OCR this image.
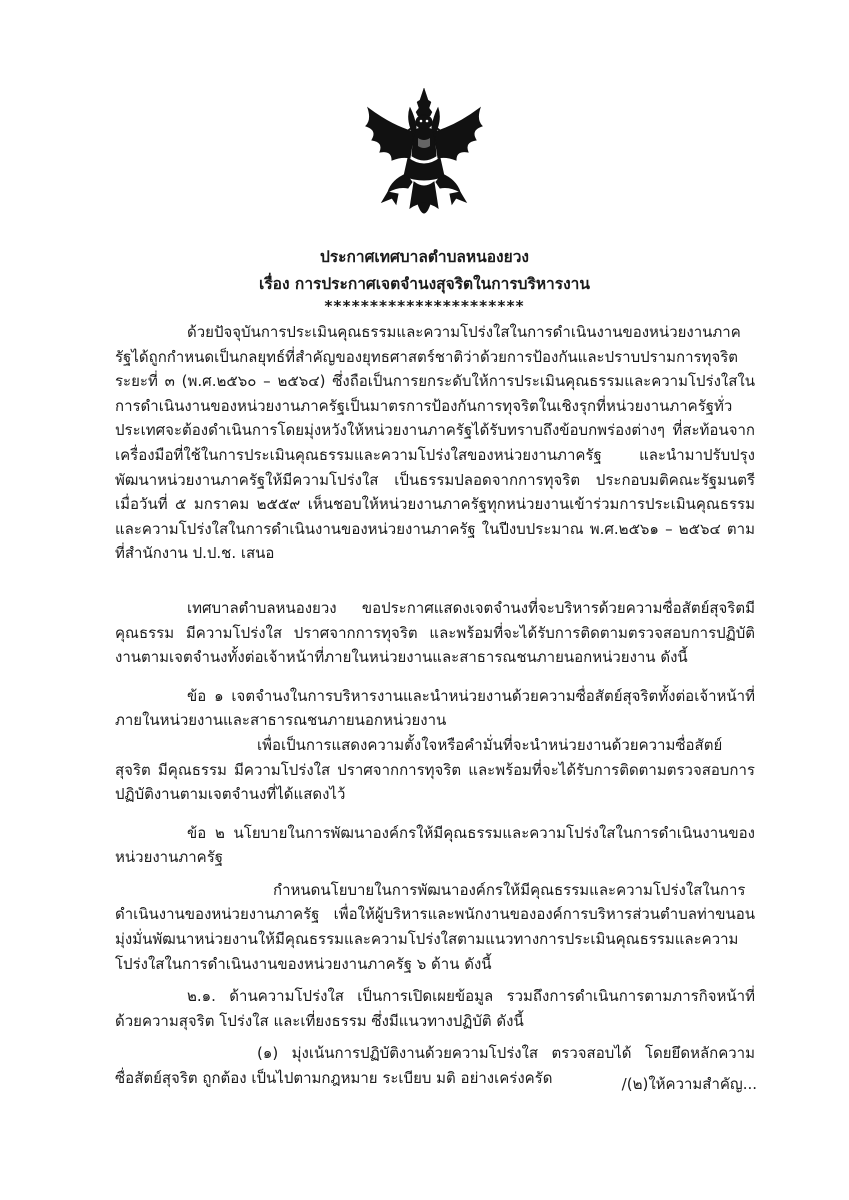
ประกาศเทศบาลตำบลหนองยวง
เรื่อง การประกาศเจตจำนงสุจริตในการบริหารงาน
**********************

ด้วยปัจจุบันการประเมินคุณธรรมและความโปร่งใสในการดำเนินงานของหน่วยงานภาครัฐได้ถูกกำหนดเป็นกลยุทธ์ที่สำคัญของยุทธศาสตร์ชาติว่าด้วยการป้องกันและปราบปรามการทุจริต ระยะที่ ๓ (พ.ศ.๒๕๖๐ – ๒๕๖๔) ซึ่งถือเป็นการยกระดับให้การประเมินคุณธรรมและความโปร่งใสในการดำเนินงานของหน่วยงานภาครัฐเป็นมาตรการป้องกันการทุจริตในเชิงรุกที่หน่วยงานภาครัฐทั่วประเทศจะต้องดำเนินการโดยมุ่งหวังให้หน่วยงานภาครัฐได้รับทราบถึงข้อบกพร่องต่างๆ ที่สะท้อนจากเครื่องมือที่ใช้ในการประเมินคุณธรรมและความโปร่งใสของหน่วยงานภาครัฐ และนำมาปรับปรุงพัฒนาหน่วยงานภาครัฐให้มีความโปร่งใส เป็นธรรมปลอดจากการทุจริต ประกอบมติคณะรัฐมนตรี เมื่อวันที่ ๕ มกราคม ๒๕๕๙ เห็นชอบให้หน่วยงานภาครัฐทุกหน่วยงานเข้าร่วมการประเมินคุณธรรมและความโปร่งใสในการดำเนินงานของหน่วยงานภาครัฐ ในปีงบประมาณ พ.ศ.๒๕๖๑ – ๒๕๖๔ ตามที่สำนักงาน ป.ป.ช. เสนอ

เทศบาลตำบลหนองยวง ขอประกาศแสดงเจตจำนงที่จะบริหารด้วยความซื่อสัตย์สุจริตมีคุณธรรม มีความโปร่งใส ปราศจากการทุจริต และพร้อมที่จะได้รับการติดตามตรวจสอบการปฏิบัติงานตามเจตจำนงทั้งต่อเจ้าหน้าที่ภายในหน่วยงานและสาธารณชนภายนอกหน่วยงาน ดังนี้

ข้อ ๑ เจตจำนงในการบริหารงานและนำหน่วยงานด้วยความซื่อสัตย์สุจริตทั้งต่อเจ้าหน้าที่ภายในหน่วยงานและสาธารณชนภายนอกหน่วยงาน

เพื่อเป็นการแสดงความตั้งใจหรือคำมั่นที่จะนำหน่วยงานด้วยความซื่อสัตย์ สุจริต มีคุณธรรม มีความโปร่งใส ปราศจากการทุจริต และพร้อมที่จะได้รับการติดตามตรวจสอบการปฏิบัติงานตามเจตจำนงที่ได้แสดงไว้

ข้อ ๒ นโยบายในการพัฒนาองค์กรให้มีคุณธรรมและความโปร่งใสในการดำเนินงานของหน่วยงานภาครัฐ

กำหนดนโยบายในการพัฒนาองค์กรให้มีคุณธรรมและความโปร่งใสในการดำเนินงานของหน่วยงานภาครัฐ เพื่อให้ผู้บริหารและพนักงานขององค์การบริหารส่วนตำบลท่าขนอน มุ่งมั่นพัฒนาหน่วยงานให้มีคุณธรรมและความโปร่งใสตามแนวทางการประเมินคุณธรรมและความโปร่งใสในการดำเนินงานของหน่วยงานภาครัฐ ๖ ด้าน ดังนี้

๒.๑. ด้านความโปร่งใส เป็นการเปิดเผยข้อมูล รวมถึงการดำเนินการตามภารกิจหน้าที่ด้วยความสุจริต โปร่งใส และเที่ยงธรรม ซึ่งมีแนวทางปฏิบัติ ดังนี้

(๑) มุ่งเน้นการปฏิบัติงานด้วยความโปร่งใส ตรวจสอบได้ โดยยึดหลักความซื่อสัตย์สุจริต ถูกต้อง เป็นไปตามกฎหมาย ระเบียบ มติ อย่างเคร่งครัด	/(๒)ให้ความสำคัญ...
